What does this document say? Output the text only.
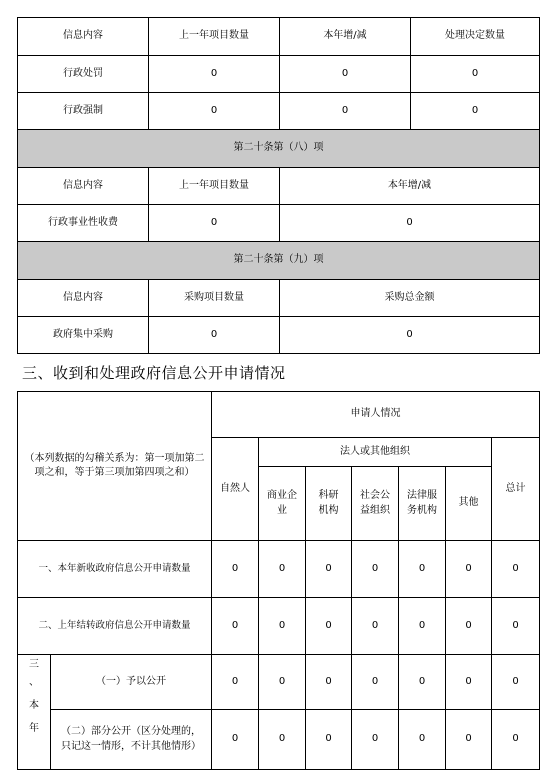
信息内容	上一年项目数量	本年增/减	处理决定数量
行政处罚	0	0	0
行政强制	0	0	0
第二十条第（八）项			
信息内容	上一年项目数量	本年增/减	
行政事业性收费	0	0	
第二十条第（九）项			
信息内容	采购项目数量	采购总金额	
政府集中采购	0	0	
三、收到和处理政府信息公开申请情况
（本列数据的勾稽关系为：第一项加第二项之和，等于第三项加第四项之和）		申请人情况						
		自然人	法人或其他组织					总计
			商业企业	科研机构	社会公益组织	法律服务机构	其他	
一、本年新收政府信息公开申请数量		0	0	0	0	0	0	0
二、上年结转政府信息公开申请数量		0	0	0	0	0	0	0

三
、
本
年	（一）予以公开	0	0	0	0	0	0	0
	（二）部分公开（区分处理的，只记这一情形，不计其他情形）	0	0	0	0	0	0	0
